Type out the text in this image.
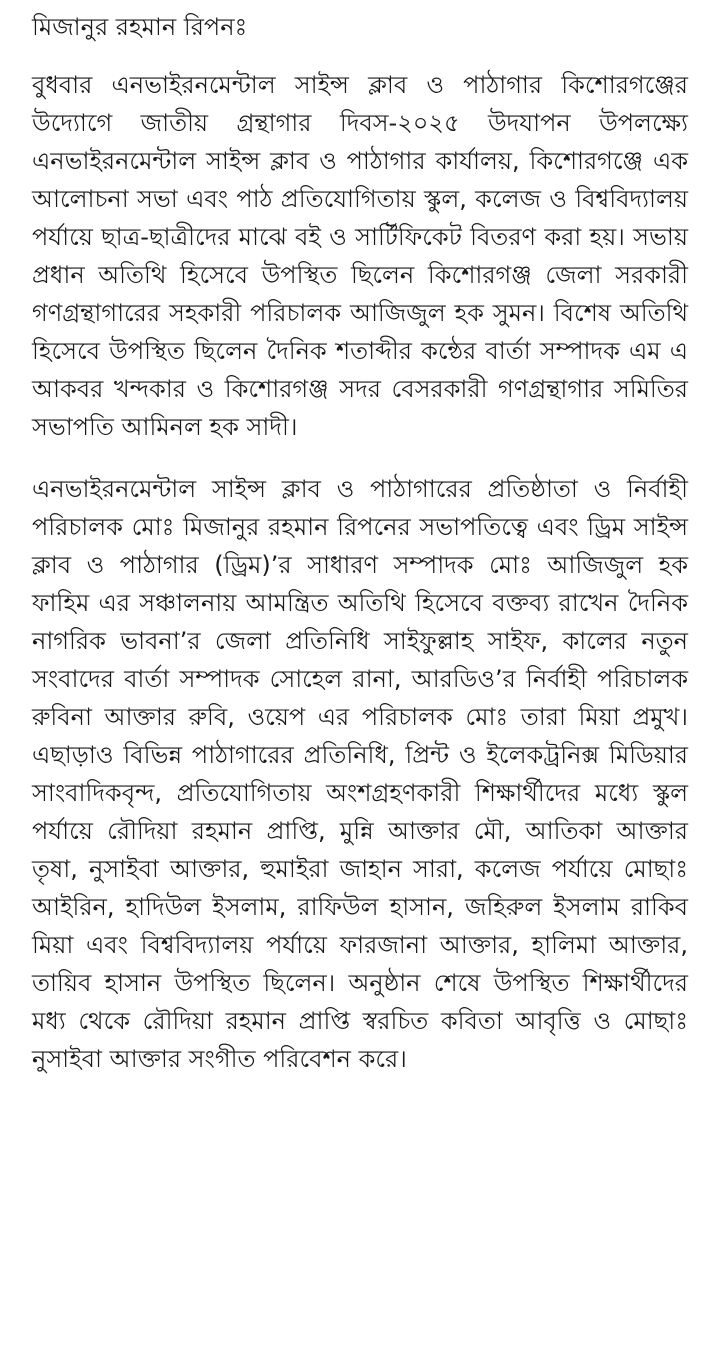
মিজানুর রহমান রিপনঃ

বুধবার এনভাইরনমেন্টাল সাইন্স ক্লাব ও পাঠাগার কিশোরগঞ্জের উদ্যোগে জাতীয় গ্রন্থাগার দিবস-২০২৫ উদযাপন উপলক্ষ্যে এনভাইরনমেন্টাল সাইন্স ক্লাব ও পাঠাগার কার্যালয়, কিশোরগঞ্জে এক আলোচনা সভা এবং পাঠ প্রতিযোগিতায় স্কুল, কলেজ ও বিশ্ববিদ্যালয় পর্যায়ে ছাত্র-ছাত্রীদের মাঝে বই ও সার্টিফিকেট বিতরণ করা হয়। সভায় প্রধান অতিথি হিসেবে উপস্থিত ছিলেন কিশোরগঞ্জ জেলা সরকারী গণগ্রন্থাগারের সহকারী পরিচালক আজিজুল হক সুমন। বিশেষ অতিথি হিসেবে উপস্থিত ছিলেন দৈনিক শতাব্দীর কন্ঠের বার্তা সম্পাদক এম এ আকবর খন্দকার ও কিশোরগঞ্জ সদর বেসরকারী গণগ্রন্থাগার সমিতির সভাপতি আমিনল হক সাদী।

এনভাইরনমেন্টাল সাইন্স ক্লাব ও পাঠাগারের প্রতিষ্ঠাতা ও নির্বাহী পরিচালক মোঃ মিজানুর রহমান রিপনের সভাপতিত্বে এবং ড্রিম সাইন্স ক্লাব ও পাঠাগার (ড্রিম)’র সাধারণ সম্পাদক মোঃ আজিজুল হক ফাহিম এর সঞ্চালনায় আমন্ত্রিত অতিথি হিসেবে বক্তব্য রাখেন দৈনিক নাগরিক ভাবনা’র জেলা প্রতিনিধি সাইফুল্লাহ সাইফ, কালের নতুন সংবাদের বার্তা সম্পাদক সোহেল রানা, আরডিও’র নির্বাহী পরিচালক রুবিনা আক্তার রুবি, ওয়েপ এর পরিচালক মোঃ তারা মিয়া প্রমুখ। এছাড়াও বিভিন্ন পাঠাগারের প্রতিনিধি, প্রিন্ট ও ইলেকট্রনিক্স মিডিয়ার সাংবাদিকবৃন্দ, প্রতিযোগিতায় অংশগ্রহণকারী শিক্ষার্থীদের মধ্যে স্কুল পর্যায়ে রৌদিয়া রহমান প্রাপ্তি, মুন্নি আক্তার মৌ, আতিকা আক্তার তৃষা, নুসাইবা আক্তার, হুমাইরা জাহান সারা, কলেজ পর্যায়ে মোছাঃ আইরিন, হাদিউল ইসলাম, রাফিউল হাসান, জহিরুল ইসলাম রাকিব মিয়া এবং বিশ্ববিদ্যালয় পর্যায়ে ফারজানা আক্তার, হালিমা আক্তার, তায়িব হাসান উপস্থিত ছিলেন। অনুষ্ঠান শেষে উপস্থিত শিক্ষার্থীদের মধ্য থেকে রৌদিয়া রহমান প্রাপ্তি স্বরচিত কবিতা আবৃত্তি ও মোছাঃ নুসাইবা আক্তার সংগীত পরিবেশন করে।
